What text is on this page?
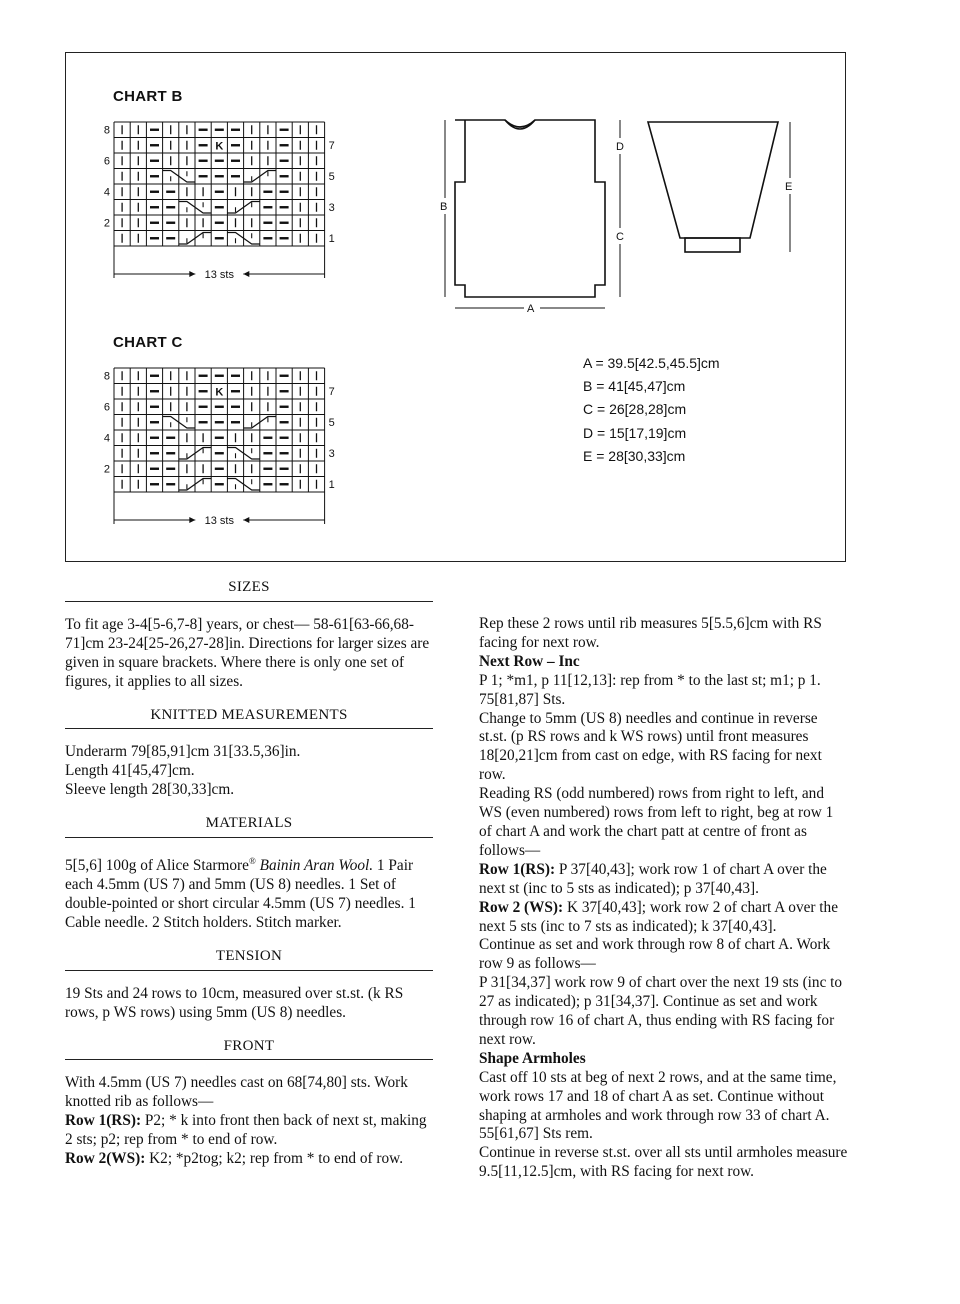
CHART B
K
8
6
4
2
7
5
3
1
13 sts
CHART C
K
8
6
4
2
7
5
3
1
13 sts
B
D
C
E
A
A = 39.5[42.5,45.5]cm
B = 41[45,47]cm
C = 26[28,28]cm
D = 15[17,19]cm
E = 28[30,33]cm

SIZES

To fit age 3-4[5-6,7-8] years, or chest— 58-61[63-66,68-71]cm 23-24[25-26,27-28]in. Directions for larger sizes are given in square brackets. Where there is only one set of figures, it applies to all sizes.

KNITTED MEASUREMENTS

Underarm 79[85,91]cm 31[33.5,36]in.

Length 41[45,47]cm.

Sleeve length 28[30,33]cm.

MATERIALS

5[5,6] 100g of Alice Starmore® Bainin Aran Wool. 1 Pair each 4.5mm (US 7) and 5mm (US 8) needles. 1 Set of double-pointed or short circular 4.5mm (US 7) needles. 1 Cable needle. 2 Stitch holders. Stitch marker.

TENSION

19 Sts and 24 rows to 10cm, measured over st.st. (k RS rows, p WS rows) using 5mm (US 8) needles.

FRONT

With 4.5mm (US 7) needles cast on 68[74,80] sts. Work knotted rib as follows—

Row 1(RS): P2; * k into front then back of next st, making 2 sts; p2; rep from * to end of row.

Row 2(WS): K2; *p2tog; k2; rep from * to end of row.

Rep these 2 rows until rib measures 5[5.5,6]cm with RS facing for next row.

Next Row – Inc

P 1; *m1, p 11[12,13]: rep from * to the last st; m1; p 1. 75[81,87] Sts.

Change to 5mm (US 8) needles and continue in reverse st.st. (p RS rows and k WS rows) until front measures 18[20,21]cm from cast on edge, with RS facing for next row.

Reading RS (odd numbered) rows from right to left, and WS (even numbered) rows from left to right, beg at row 1 of chart A and work the chart patt at centre of front as follows—

Row 1(RS): P 37[40,43]; work row 1 of chart A over the next st (inc to 5 sts as indicated); p 37[40,43].

Row 2 (WS): K 37[40,43]; work row 2 of chart A over the next 5 sts (inc to 7 sts as indicated); k 37[40,43].

Continue as set and work through row 8 of chart A. Work row 9 as follows—

P 31[34,37] work row 9 of chart over the next 19 sts (inc to 27 as indicated); p 31[34,37]. Continue as set and work through row 16 of chart A, thus ending with RS facing for next row.

Shape Armholes

Cast off 10 sts at beg of next 2 rows, and at the same time, work rows 17 and 18 of chart A as set. Continue without shaping at armholes and work through row 33 of chart A. 55[61,67] Sts rem.

Continue in reverse st.st. over all sts until armholes measure 9.5[11,12.5]cm, with RS facing for next row.
